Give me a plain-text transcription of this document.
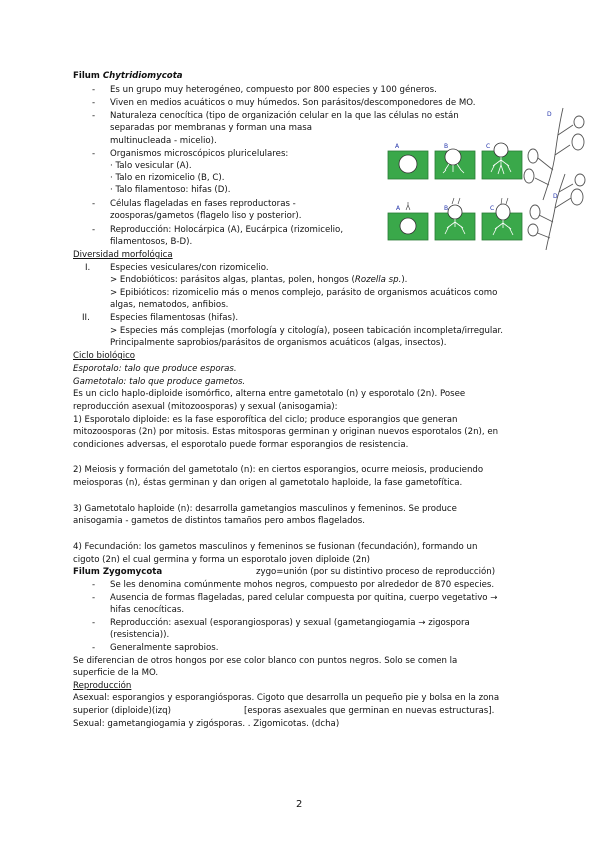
Filum Chytridiomycota
- Es un grupo muy heterogéneo, compuesto por 800 especies y 100 géneros.
- Viven en medios acuáticos o muy húmedos. Son parásitos/descomponedores de MO.
- Naturaleza cenocítica (tipo de organización celular en la que las células no están
separadas por membranas y forman una masa
multinucleada - micelio).
- Organismos microscópicos pluricelulares:
· Talo vesicular (A).
· Talo en rizomicelio (B, C).
· Talo filamentoso: hifas (D).
- Células flageladas en fases reproductoras -
zoosporas/gametos (flagelo liso y posterior).
- Reproducción: Holocárpica (A), Eucárpica (rizomicelio,
filamentosos, B-D).
A	B	C
A	B	C
D
D
Diversidad morfológica
I. Especies vesiculares/con rizomicelio.
> Endobióticos: parásitos algas, plantas, polen, hongos (Rozella sp.).
> Epibióticos: rizomicelio más o menos complejo, parásito de organismos acuáticos como
algas, nematodos, anfibios.
II. Especies filamentosas (hifas).
> Especies más complejas (morfología y citología), poseen tabicación incompleta/irregular.
Principalmente saprobios/parásitos de organismos acuáticos (algas, insectos).
Ciclo biológico
Esporotalo: talo que produce esporas.
Gametotalo: talo que produce gametos.
Es un ciclo haplo-diploide isomórfico, alterna entre gametotalo (n) y esporotalo (2n). Posee
reproducción asexual (mitozoosporas) y sexual (anisogamia):
1) Esporotalo diploide: es la fase esporofítica del ciclo; produce esporangios que generan
mitozoosporas (2n) por mitosis. Estas mitosporas germinan y originan nuevos esporotalos (2n), en
condiciones adversas, el esporotalo puede formar esporangios de resistencia.
2) Meiosis y formación del gametotalo (n): en ciertos esporangios, ocurre meiosis, produciendo
meiosporas (n), éstas germinan y dan origen al gametotalo haploide, la fase gametofítica.
3) Gametotalo haploide (n): desarrolla gametangios masculinos y femeninos. Se produce
anisogamia - gametos de distintos tamaños pero ambos flagelados.
4) Fecundación: los gametos masculinos y femeninos se fusionan (fecundación), formando un
cigoto (2n) el cual germina y forma un esporotalo joven diploide (2n)
Filum Zygomycota	zygo=unión (por su distintivo proceso de reproducción)
- Se les denomina comúnmente mohos negros, compuesto por alrededor de 870 especies.
- Ausencia de formas flageladas, pared celular compuesta por quitina, cuerpo vegetativo →
hifas cenocíticas.
- Reproducción: asexual (esporangiosporas) y sexual (gametangiogamia → zigospora
(resistencia)).
- Generalmente saprobios.
Se diferencian de otros hongos por ese color blanco con puntos negros. Solo se comen la
superficie de la MO.
Reproducción
Asexual: esporangios y esporangiósporas. Cigoto que desarrolla un pequeño pie y bolsa en la zona
superior (diploide)(izq)	[esporas asexuales que germinan en nuevas estructuras].
Sexual: gametangiogamia y zigósporas. . Zigomicotas. (dcha)
2
